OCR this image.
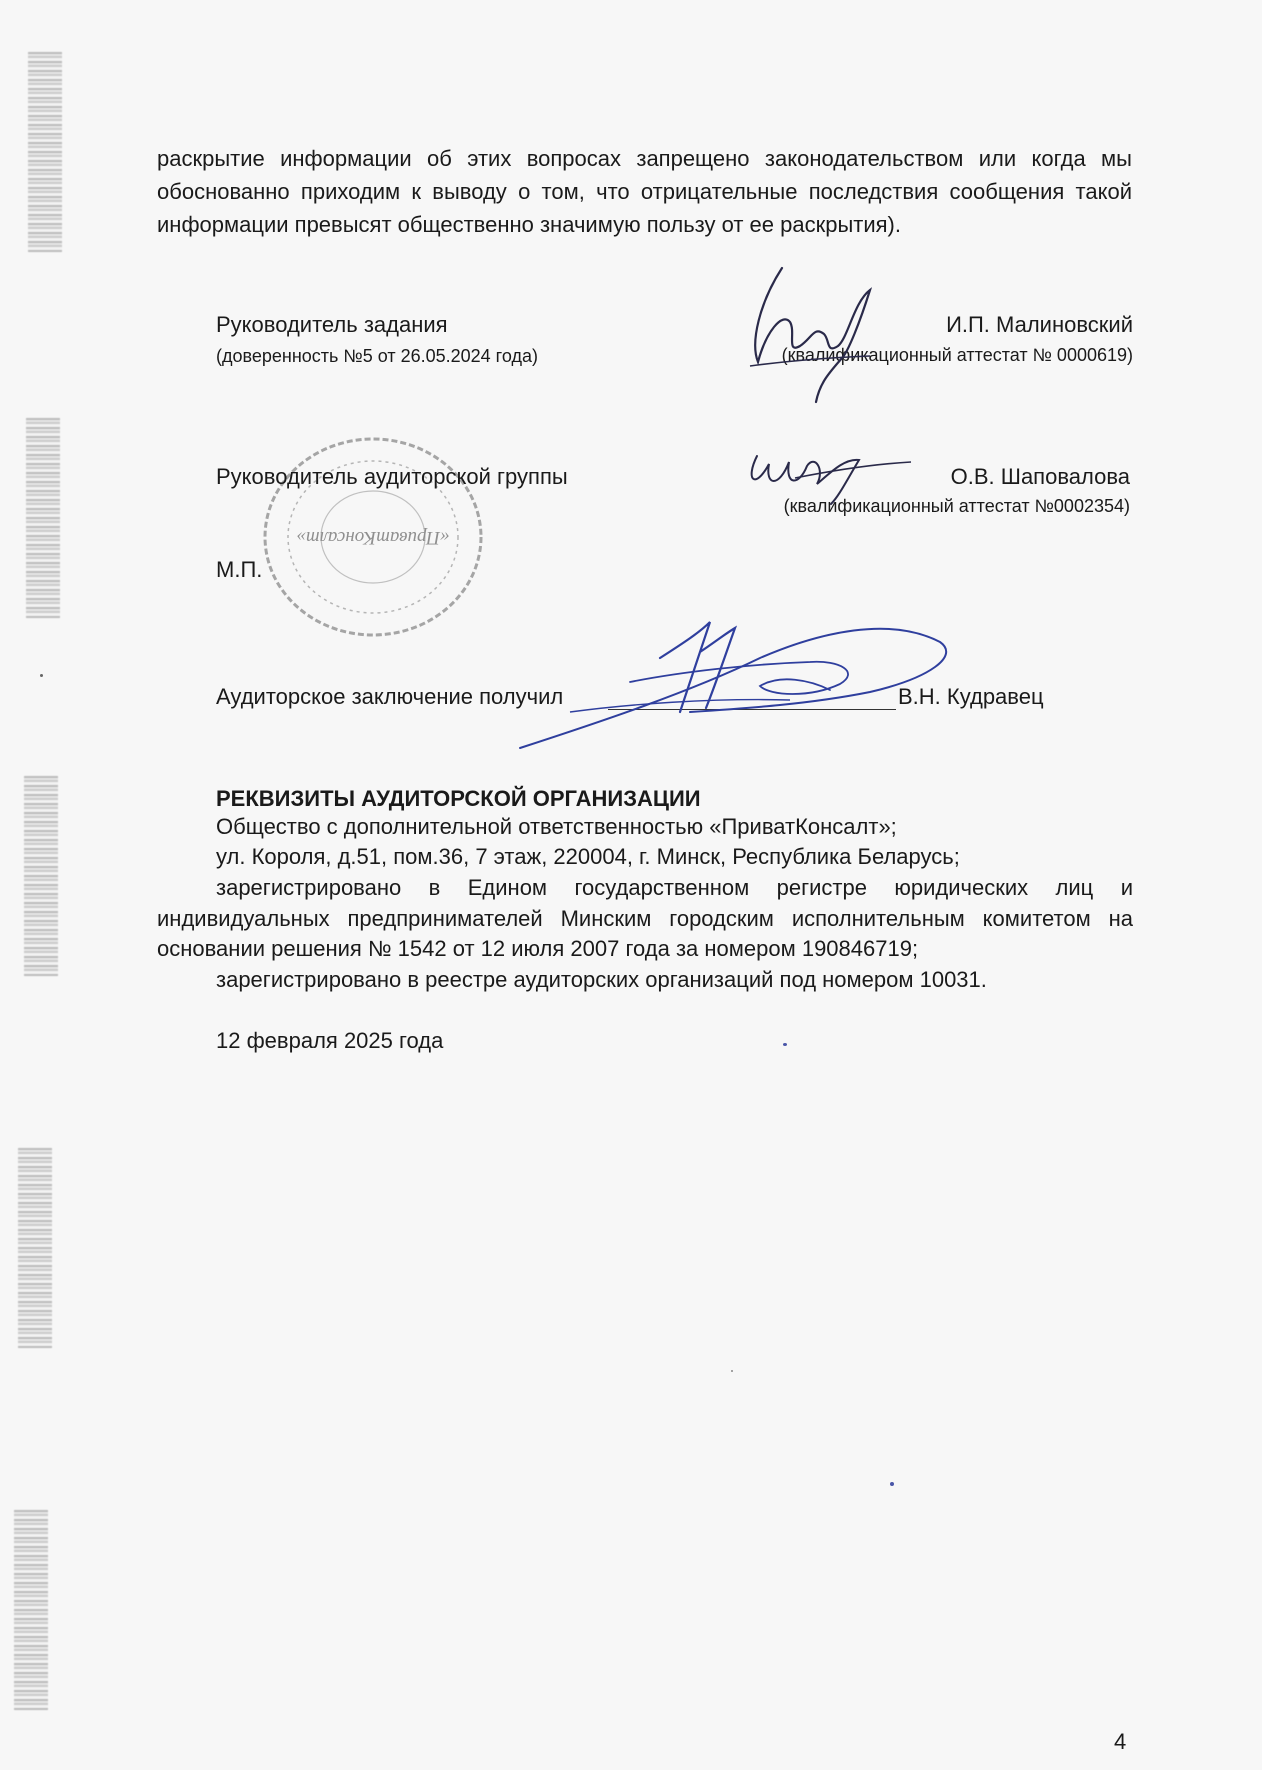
раскрытие информации об этих вопросах запрещено законодательством или когда мы обоснованно приходим к выводу о том, что отрицательные последствия сообщения такой информации превысят общественно значимую пользу от ее раскрытия).
Руководитель задания
(доверенность №5 от 26.05.2024 года)
И.П. Малиновский
(квалификационный аттестат № 0000619)
«ПриватКонсалт»
Руководитель аудиторской группы	О.В. Шаповалова
(квалификационный аттестат №0002354)
М.П.
Аудиторское заключение получил	В.Н. Кудравец
РЕКВИЗИТЫ АУДИТОРСКОЙ ОРГАНИЗАЦИИ
Общество с дополнительной ответственностью «ПриватКонсалт»;
ул. Короля, д.51, пом.36, 7 этаж, 220004, г. Минск, Республика Беларусь;
зарегистрировано в Едином государственном регистре юридических лиц и
индивидуальных предпринимателей Минским городским исполнительным комитетом на
основании решения № 1542 от 12 июля 2007 года за номером 190846719;
зарегистрировано в реестре аудиторских организаций под номером 10031.
12 февраля 2025 года
4
